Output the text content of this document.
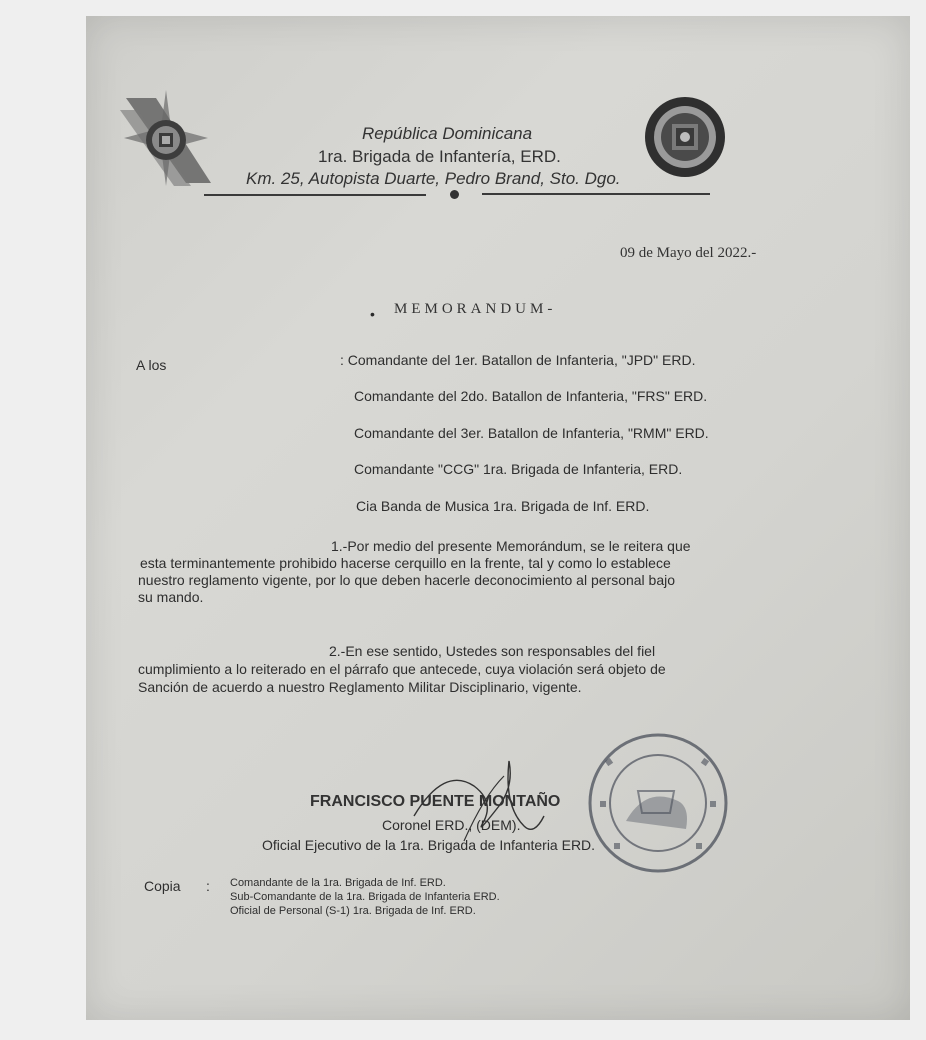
República Dominicana
1ra. Brigada de Infantería, ERD.
Km. 25, Autopista Duarte, Pedro Brand, Sto. Dgo.
09 de Mayo del 2022.-
• MEMORANDUM-
A los	: Comandante del 1er. Batallon de Infanteria, "JPD" ERD.
Comandante del 2do. Batallon de Infanteria, "FRS" ERD.
Comandante del 3er. Batallon de Infanteria, "RMM" ERD.
Comandante "CCG" 1ra. Brigada de Infanteria, ERD.
Cia Banda de Musica 1ra. Brigada de Inf. ERD.
1.-Por medio del presente Memorándum, se le reitera que
esta terminantemente prohibido hacerse cerquillo en la frente, tal y como lo establece
nuestro reglamento vigente, por lo que deben hacerle deconocimiento al personal bajo
su mando.
2.-En ese sentido, Ustedes son responsables del fiel
cumplimiento a lo reiterado en el párrafo que antecede, cuya violación será objeto de
Sanción de acuerdo a nuestro Reglamento Militar Disciplinario, vigente.
FRANCISCO PUENTE MONTAÑO
Coronel ERD., (DEM).
Oficial Ejecutivo de la 1ra. Brigada de Infanteria ERD.
Copia : Comandante de la 1ra. Brigada de Inf. ERD.
Sub-Comandante de la 1ra. Brigada de Infanteria ERD.
Oficial de Personal (S-1) 1ra. Brigada de Inf. ERD.
